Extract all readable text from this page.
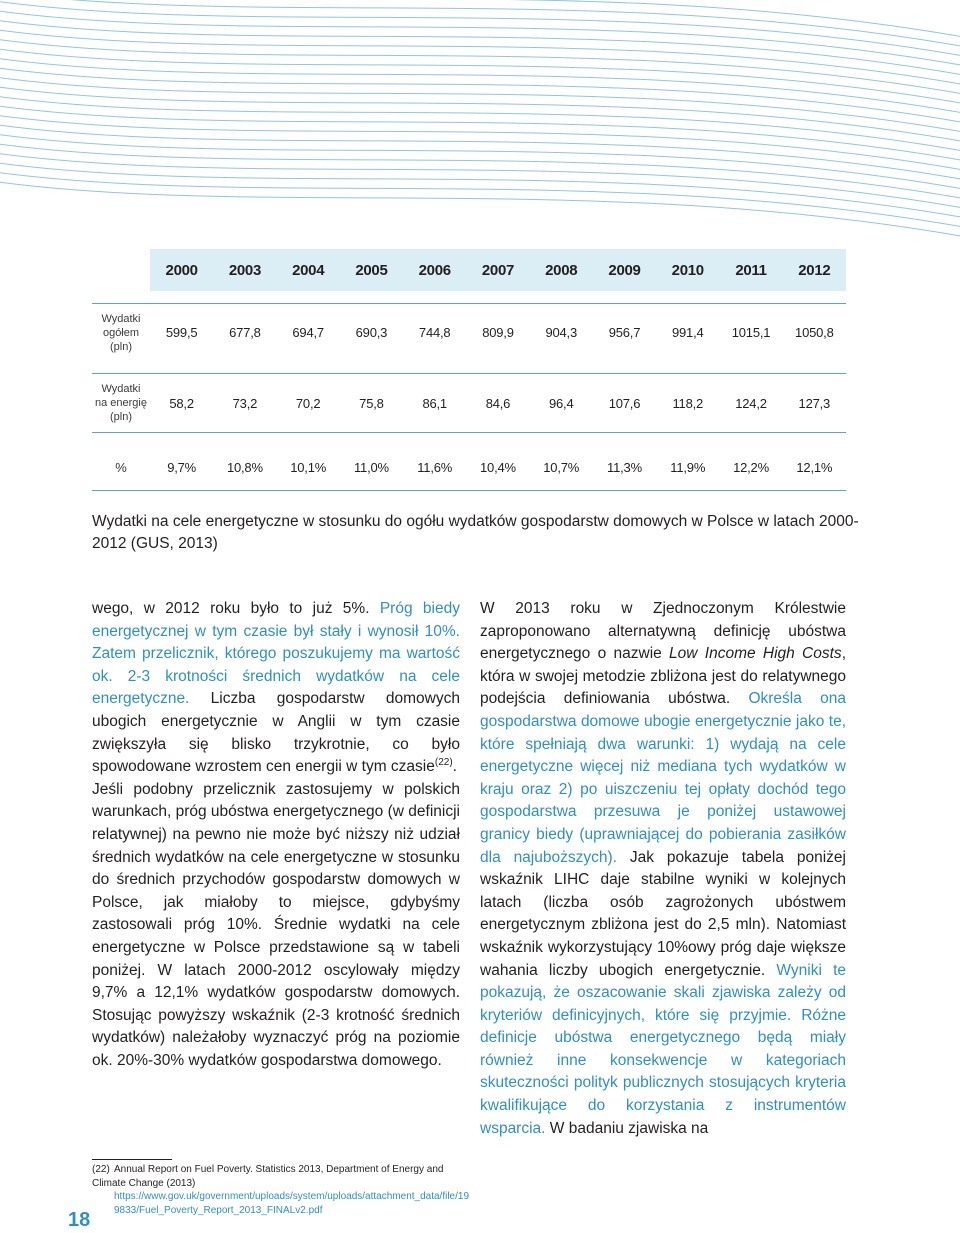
	2000	2003	2004	2005	2006	2007	2008	2009	2010	2011	2012

Wydatki
ogółem
(pln)	599,5	677,8	694,7	690,3	744,8	809,9	904,3	956,7	991,4	1015,1	1050,8

Wydatki
na energię
(pln)	58,2	73,2	70,2	75,8	86,1	84,6	96,4	107,6	118,2	124,2	127,3

%	9,7%	10,8%	10,1%	11,0%	11,6%	10,4%	10,7%	11,3%	11,9%	12,2%	12,1%
Wydatki na cele energetyczne w stosunku do ogółu wydatków gospodarstw domowych w Polsce w latach 2000-2012 (GUS, 2013)

wego, w 2012 roku było to już 5%. Próg biedy energetycznej w tym czasie był stały i wynosił 10%. Zatem przelicznik, którego poszukujemy ma wartość ok. 2-3 krotności średnich wydatków na cele energetyczne. Liczba gospodarstw domowych ubogich energetycznie w Anglii w tym czasie zwiększyła się blisko trzykrotnie, co było spowodowane wzrostem cen energii w tym czasie$^{(22)}$.

Jeśli podobny przelicznik zastosujemy w polskich warunkach, próg ubóstwa energetycznego (w definicji relatywnej) na pewno nie może być niższy niż udział średnich wydatków na cele energetyczne w stosunku do średnich przychodów gospodarstw domowych w Polsce, jak miałoby to miejsce, gdybyśmy zastosowali próg 10%. Średnie wydatki na cele energetyczne w Polsce przedstawione są w tabeli poniżej. W latach 2000-2012 oscylowały między 9,7% a 12,1% wydatków gospodarstw domowych. Stosując powyższy wskaźnik (2-3 krotność średnich wydatków) należałoby wyznaczyć próg na poziomie ok. 20%-30% wydatków gospodarstwa domowego.

W 2013 roku w Zjednoczonym Królestwie zaproponowano alternatywną definicję ubóstwa energetycznego o nazwie Low Income High Costs, która w swojej metodzie zbliżona jest do relatywnego podejścia definiowania ubóstwa. Określa ona gospodarstwa domowe ubogie energetycznie jako te, które spełniają dwa warunki: 1) wydają na cele energetyczne więcej niż mediana tych wydatków w kraju oraz 2) po uiszczeniu tej opłaty dochód tego gospodarstwa przesuwa je poniżej ustawowej granicy biedy (uprawniającej do pobierania zasiłków dla najuboższych). Jak pokazuje tabela poniżej wskaźnik LIHC daje stabilne wyniki w kolejnych latach (liczba osób zagrożonych ubóstwem energetycznym zbliżona jest do 2,5 mln). Natomiast wskaźnik wykorzystujący 10%owy próg daje większe wahania liczby ubogich energetycznie. Wyniki te pokazują, że oszacowanie skali zjawiska zależy od kryteriów definicyjnych, które się przyjmie. Różne definicje ubóstwa energetycznego będą miały również inne konsekwencje w kategoriach skuteczności polityk publicznych stosujących kryteria kwalifikujące do korzystania z instrumentów wsparcia. W badaniu zjawiska na

(22) Annual Report on Fuel Poverty. Statistics 2013, Department of Energy and Climate Change (2013)
https://www.gov.uk/government/uploads/system/uploads/attachment_data/file/199833/Fuel_Poverty_Report_2013_FINALv2.pdf
18
